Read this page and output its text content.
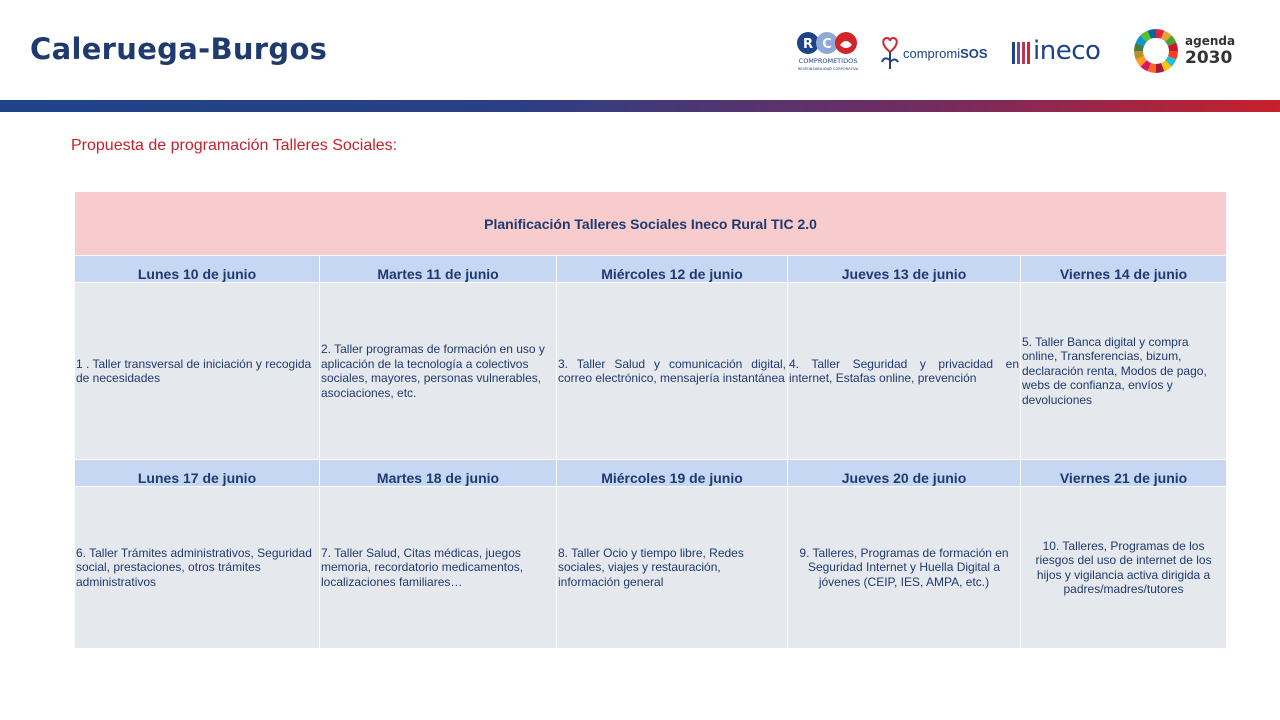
Caleruega-Burgos	R C
COMPROMETIDOS
RESPONSABILIDAD CORPORATIVA
compromiSOS ineco	agenda
2030
Propuesta de programación Talleres Sociales:
Planificación Talleres Sociales Ineco Rural TIC 2.0				
Lunes 10 de junio	Martes 11 de junio	Miércoles 12 de junio	Jueves 13 de junio	Viernes 14 de junio
1 . Taller transversal de iniciación y recogida de necesidades	2. Taller programas de formación en uso y aplicación de la tecnología a colectivos sociales, mayores, personas vulnerables, asociaciones, etc.	3. Taller Salud y comunicación digital, correo electrónico, mensajería instantánea	4. Taller Seguridad y privacidad en internet, Estafas online, prevención	5. Taller Banca digital y compra online, Transferencias, bizum, declaración renta, Modos de pago, webs de confianza, envíos y devoluciones
Lunes 17 de junio	Martes 18 de junio	Miércoles 19 de junio	Jueves 20 de junio	Viernes 21 de junio
6. Taller Trámites administrativos, Seguridad social, prestaciones, otros trámites administrativos	7. Taller Salud, Citas médicas, juegos memoria, recordatorio medicamentos, localizaciones familiares…	8. Taller Ocio y tiempo libre, Redes sociales, viajes y restauración, información general	9. Talleres, Programas de formación en Seguridad Internet y Huella Digital a jóvenes (CEIP, IES, AMPA, etc.)	10. Talleres, Programas de los riesgos del uso de internet de los hijos y vigilancia activa dirigida a padres/madres/tutores
